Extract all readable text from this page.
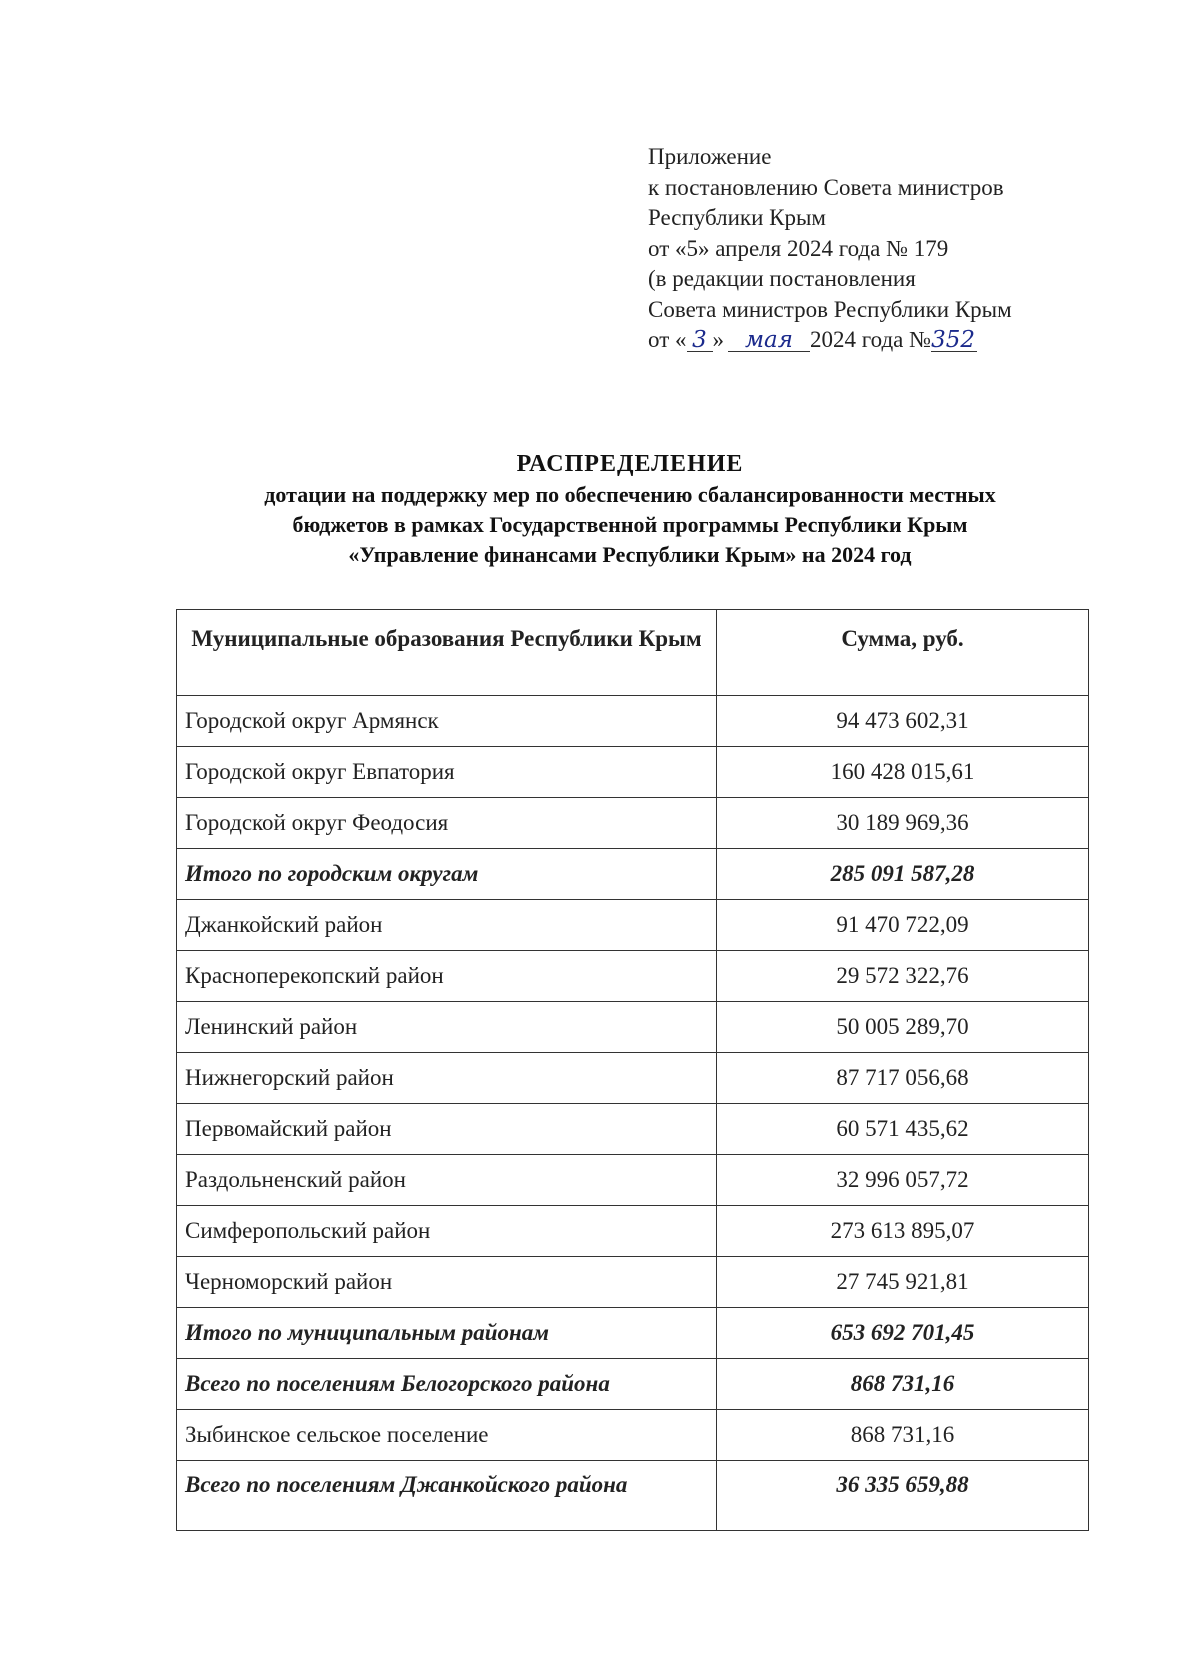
Приложение
к постановлению Совета министров
Республики Крым
от «5» апреля 2024 года № 179
(в редакции постановления
Совета министров Республики Крым
от « 3 » мая 2024 года №352
РАСПРЕДЕЛЕНИЕ
дотации на поддержку мер по обеспечению сбалансированности местных
бюджетов в рамках Государственной программы Республики Крым
«Управление финансами Республики Крым» на 2024 год
Муниципальные образования Республики Крым	Сумма, руб.
Городской округ Армянск	94 473 602,31
Городской округ Евпатория	160 428 015,61
Городской округ Феодосия	30 189 969,36
Итого по городским округам	285 091 587,28
Джанкойский район	91 470 722,09
Красноперекопский район	29 572 322,76
Ленинский район	50 005 289,70
Нижнегорский район	87 717 056,68
Первомайский район	60 571 435,62
Раздольненский район	32 996 057,72
Симферопольский район	273 613 895,07
Черноморский район	27 745 921,81
Итого по муниципальным районам	653 692 701,45
Всего по поселениям Белогорского района	868 731,16
Зыбинское сельское поселение	868 731,16
Всего по поселениям Джанкойского района	36 335 659,88
